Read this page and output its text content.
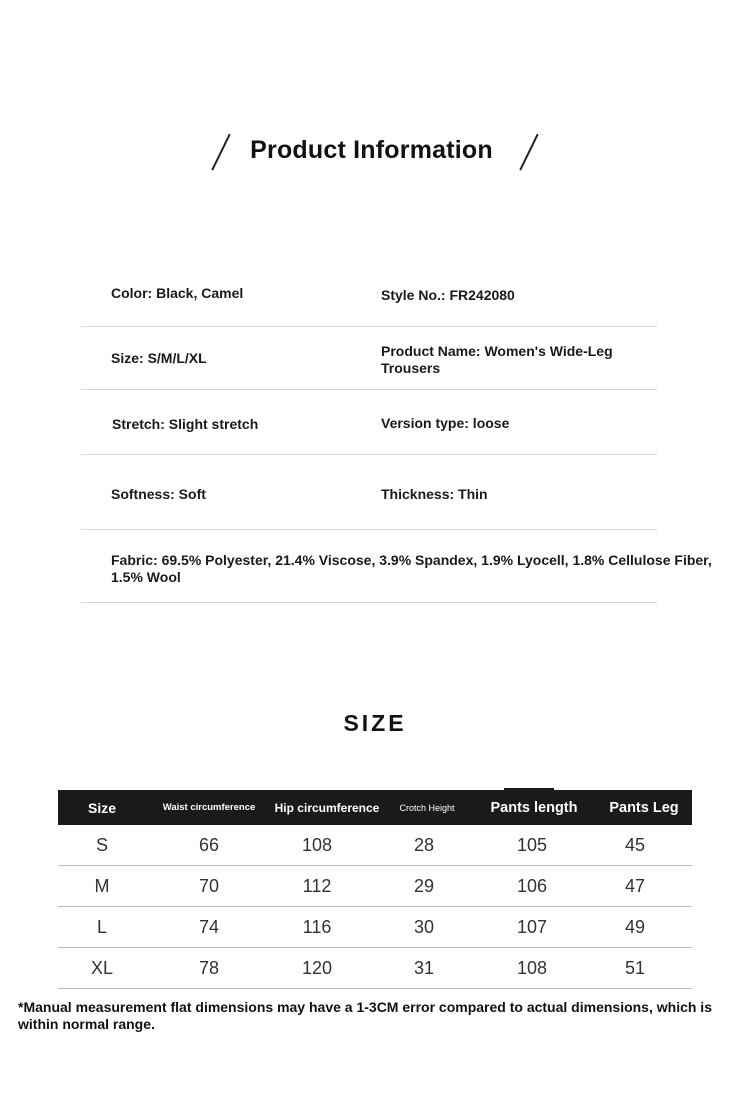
Product Information
Color: Black, Camel	Style No.: FR242080
Size: S/M/L/XL	Product Name: Women's Wide-Leg Trousers
Stretch: Slight stretch	Version type: loose
Softness: Soft	Thickness: Thin
Fabric: 69.5% Polyester, 21.4% Viscose, 3.9% Spandex, 1.9% Lyocell, 1.8% Cellulose Fiber, 1.5% Wool
SIZE
Size	Waist circumference	Hip circumference	Crotch Height	Pants length	Pants Leg
S	66	108	28	105	45
M	70	112	29	106	47
L	74	116	30	107	49
XL	78	120	31	108	51
*Manual measurement flat dimensions may have a 1-3CM error compared to actual dimensions, which is within normal range.
